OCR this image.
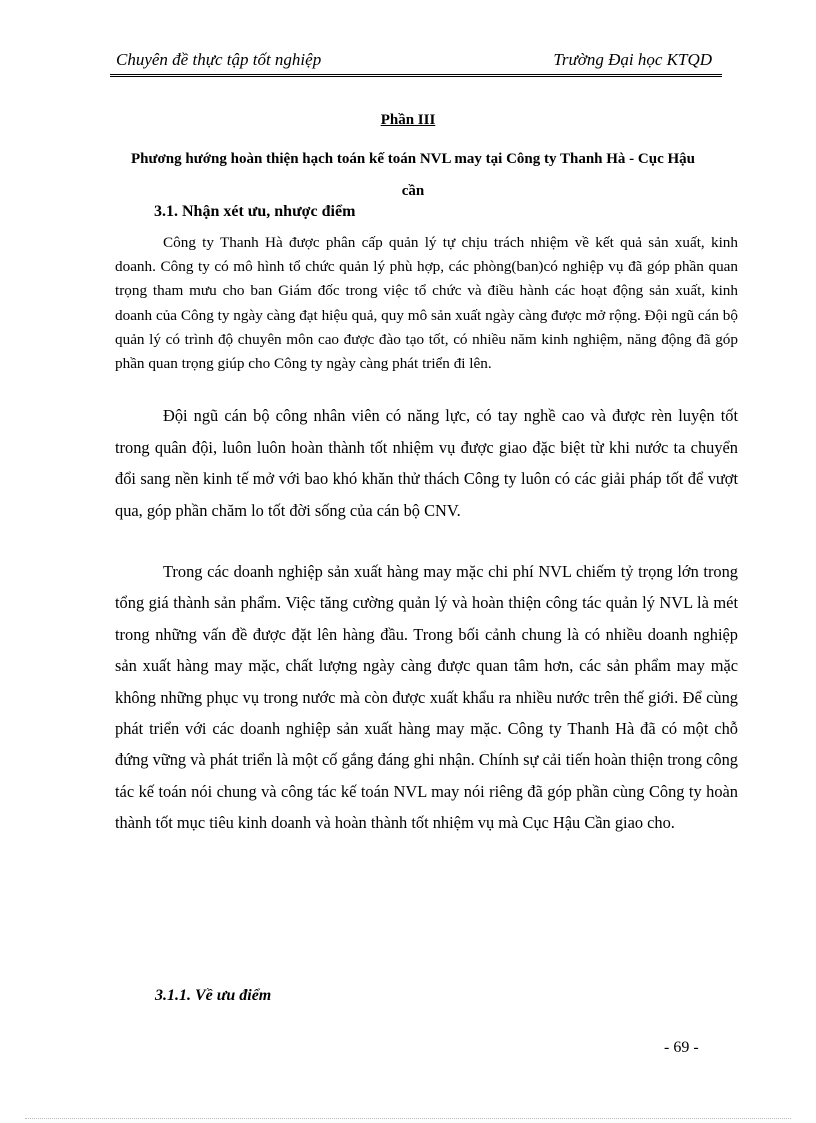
Chuyên đề thực tập tốt nghiệp	Trường Đại học KTQD
Phần III
Phương hướng hoàn thiện hạch toán kế toán NVL may tại Công ty Thanh Hà - Cục Hậu cần
3.1. Nhận xét ưu, nhược điểm

Công ty Thanh Hà được phân cấp quản lý tự chịu trách nhiệm về kết quả sản xuất, kinh doanh. Công ty có mô hình tổ chức quản lý phù hợp, các phòng(ban)có nghiệp vụ đã góp phần quan trọng tham mưu cho ban Giám đốc trong việc tổ chức và điều hành các hoạt động sản xuất, kinh doanh của Công ty ngày càng đạt hiệu quả, quy mô sản xuất ngày càng được mở rộng. Đội ngũ cán bộ quản lý có trình độ chuyên môn cao được đào tạo tốt, có nhiều năm kinh nghiệm, năng động đã góp phần quan trọng giúp cho Công ty ngày càng phát triển đi lên.

Đội ngũ cán bộ công nhân viên có năng lực, có tay nghề cao và được rèn luyện tốt trong quân đội, luôn luôn hoàn thành tốt nhiệm vụ được giao đặc biệt từ khi nước ta chuyển đổi sang nền kinh tế mở với bao khó khăn thử thách Công ty luôn có các giải pháp tốt để vượt qua, góp phần chăm lo tốt đời sống của cán bộ CNV.

Trong các doanh nghiệp sản xuất hàng may mặc chi phí NVL chiếm tỷ trọng lớn trong tổng giá thành sản phẩm. Việc tăng cường quản lý và hoàn thiện công tác quản lý NVL là mét trong những vấn đề được đặt lên hàng đầu. Trong bối cảnh chung là có nhiều doanh nghiệp sản xuất hàng may mặc, chất lượng ngày càng được quan tâm hơn, các sản phẩm may mặc không những phục vụ trong nước mà còn được xuất khẩu ra nhiều nước trên thế giới. Để cùng phát triển với các doanh nghiệp sản xuất hàng may mặc. Công ty Thanh Hà đã có một chỗ đứng vững và phát triển là một cố gắng đáng ghi nhận. Chính sự cải tiến hoàn thiện trong công tác kế toán nói chung và công tác kế toán NVL may nói riêng đã góp phần cùng Công ty hoàn thành tốt mục tiêu kinh doanh và hoàn thành tốt nhiệm vụ mà Cục Hậu Cần giao cho.

3.1.1. Về ưu điểm
- 69 -
